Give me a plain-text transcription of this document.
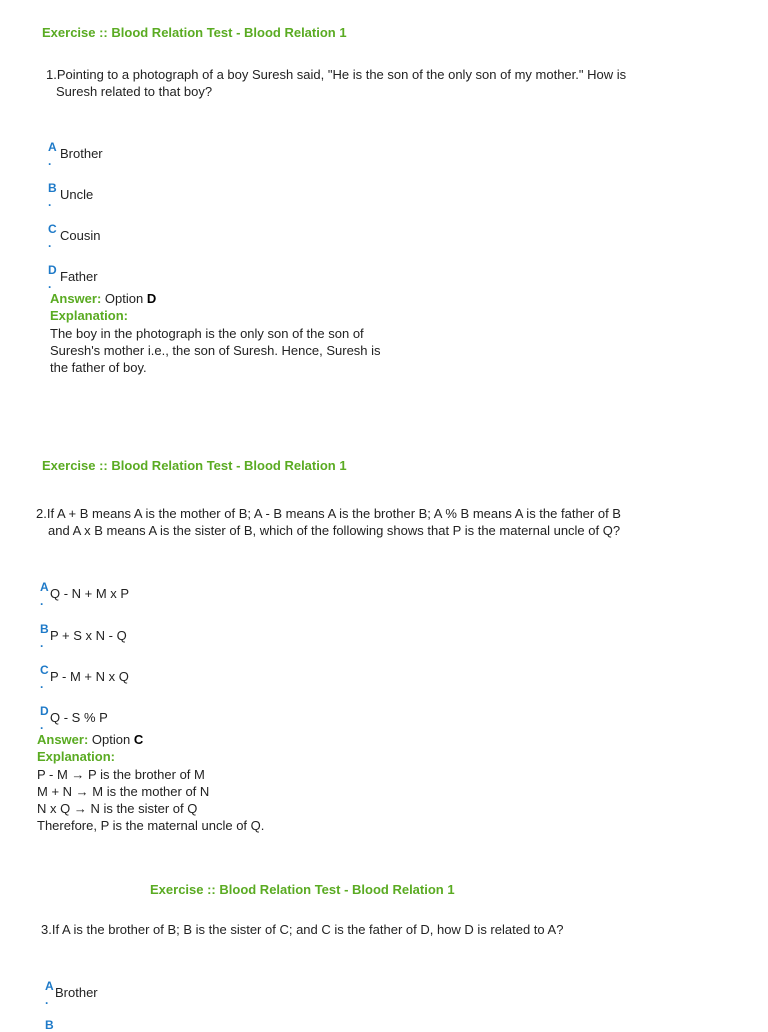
Exercise :: Blood Relation Test - Blood Relation 1
1.Pointing to a photograph of a boy Suresh said, "He is the son of the only son of my mother." How is
Suresh related to that boy?
A
. Brother
B
. Uncle
C
. Cousin
D
. Father
Answer: Option D
Explanation:
The boy in the photograph is the only son of the son of
Suresh's mother i.e., the son of Suresh. Hence, Suresh is
the father of boy.
Exercise :: Blood Relation Test - Blood Relation 1
2.If A + B means A is the mother of B; A - B means A is the brother B; A % B means A is the father of B
and A x B means A is the sister of B, which of the following shows that P is the maternal uncle of Q?
A
. Q - N + M x P
B
. P + S x N - Q
C
. P - M + N x Q
D
. Q - S % P
Answer: Option C
Explanation:
P - M → P is the brother of M
M + N → M is the mother of N
N x Q → N is the sister of Q
Therefore, P is the maternal uncle of Q.
Exercise :: Blood Relation Test - Blood Relation 1
3.If A is the brother of B; B is the sister of C; and C is the father of D, how D is related to A?
A
. Brother
B
